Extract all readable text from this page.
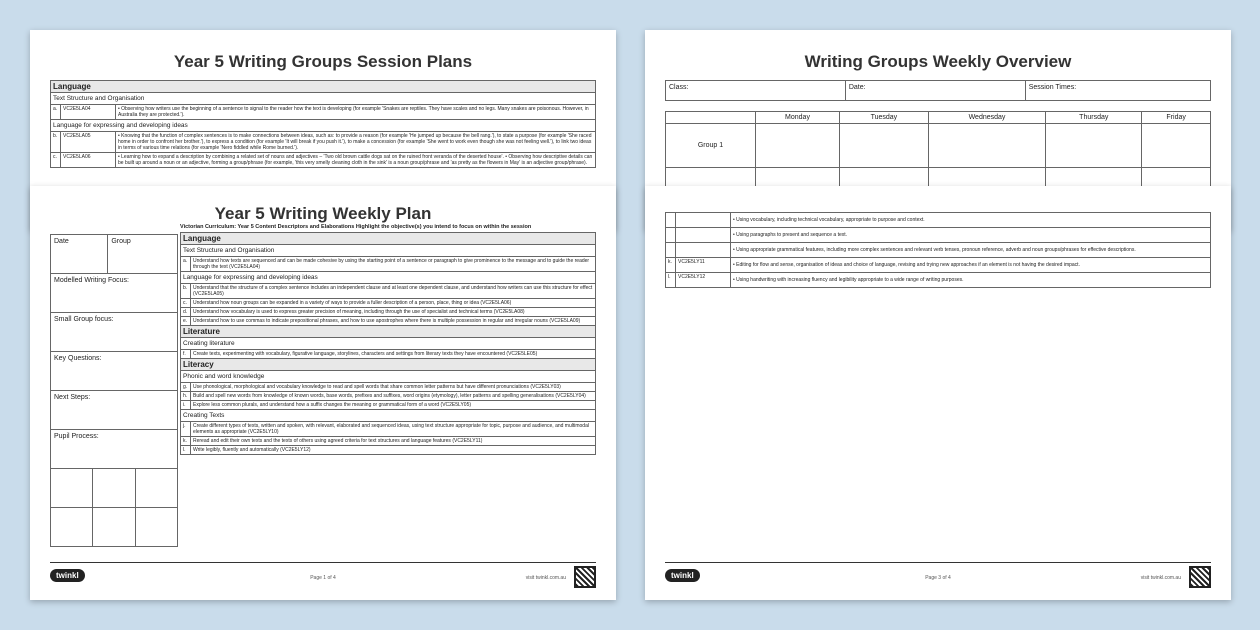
Year 5 Writing Groups Session Plans
Language		
Text Structure and Organisation		
a.	VC2E5LA04	• Observing how writers use the beginning of a sentence to signal to the reader how the text is developing (for example 'Snakes are reptiles. They have scales and no legs. Many snakes are poisonous. However, in Australia they are protected.').
Language for expressing and developing ideas		
b.	VC2E5LA05	• Knowing that the function of complex sentences is to make connections between ideas, such as: to provide a reason (for example 'He jumped up because the bell rang.'), to state a purpose (for example 'She raced home in order to confront her brother.'), to express a condition (for example 'It will break if you push it.'), to make a concession (for example 'She went to work even though she was not feeling well.'), to link two ideas in terms of various time relations (for example 'Nero fiddled while Rome burned.').
c.	VC2E5LA06	• Learning how to expand a description by combining a related set of nouns and adjectives – 'Two old brown cattle dogs sat on the ruined front veranda of the deserted house'. • Observing how descriptive details can be built up around a noun or an adjective, forming a group/phrase (for example, 'this very smelly cleaning cloth in the sink' is a noun group/phrase and 'as pretty as the flowers in May' is an adjective group/phrase).
Writing Groups Weekly Overview
Class:	Date:	Session Times:
	Monday	Tuesday	Wednesday	Thursday	Friday
Group 1					

Year 5 Writing Weekly Plan
Date	Group
Modelled Writing Focus:
Small Group focus:
Key Questions:
Next Steps:
Pupil Process:

Victorian Curriculum: Year 5 Content Descriptors and Elaborations Highlight the objective(s) you intend to focus on within the session
Language	
Text Structure and Organisation	
a.	Understand how texts are sequenced and can be made cohesive by using the starting point of a sentence or paragraph to give prominence to the message and to guide the reader through the text (VC2E5LA04)
Language for expressing and developing ideas	
b.	Understand that the structure of a complex sentence includes an independent clause and at least one dependent clause, and understand how writers can use this structure for effect (VC2E5LA05)
c.	Understand how noun groups can be expanded in a variety of ways to provide a fuller description of a person, place, thing or idea (VC2E5LA06)
d.	Understand how vocabulary is used to express greater precision of meaning, including through the use of specialist and technical terms (VC2E5LA08)
e.	Understand how to use commas to indicate prepositional phrases, and how to use apostrophes where there is multiple possession in regular and irregular nouns (VC2E5LA09)
Literature	
Creating literature	
f.	Create texts, experimenting with vocabulary, figurative language, storylines, characters and settings from literary texts they have encountered (VC2E5LE05)
Literacy	
Phonic and word knowledge	
g.	Use phonological, morphological and vocabulary knowledge to read and spell words that share common letter patterns but have different pronunciations (VC2E5LY03)
h.	Build and spell new words from knowledge of known words, base words, prefixes and suffixes, word origins (etymology), letter patterns and spelling generalisations (VC2E5LY04)
i.	Explore less common plurals, and understand how a suffix changes the meaning or grammatical form of a word (VC2E5LY05)
Creating Texts	
j.	Create different types of texts, written and spoken, with relevant, elaborated and sequenced ideas, using text structure appropriate for topic, purpose and audience, and multimodal elements as appropriate (VC2E5LY10)
k.	Reread and edit their own texts and the texts of others using agreed criteria for text structures and language features (VC2E5LY11)
l.	Write legibly, fluently and automatically (VC2E5LY12)
twinkl	Page 1 of 4	visit twinkl.com.au
		• Using vocabulary, including technical vocabulary, appropriate to purpose and context.
		• Using paragraphs to present and sequence a text.
		• Using appropriate grammatical features, including more complex sentences and relevant verb tenses, pronoun reference, adverb and noun groups/phrases for effective descriptions.
k.	VC2E5LY11	• Editing for flow and sense, organisation of ideas and choice of language, revising and trying new approaches if an element is not having the desired impact.
l.	VC2E5LY12	• Using handwriting with increasing fluency and legibility appropriate to a wide range of writing purposes.
twinkl	Page 3 of 4	visit twinkl.com.au
